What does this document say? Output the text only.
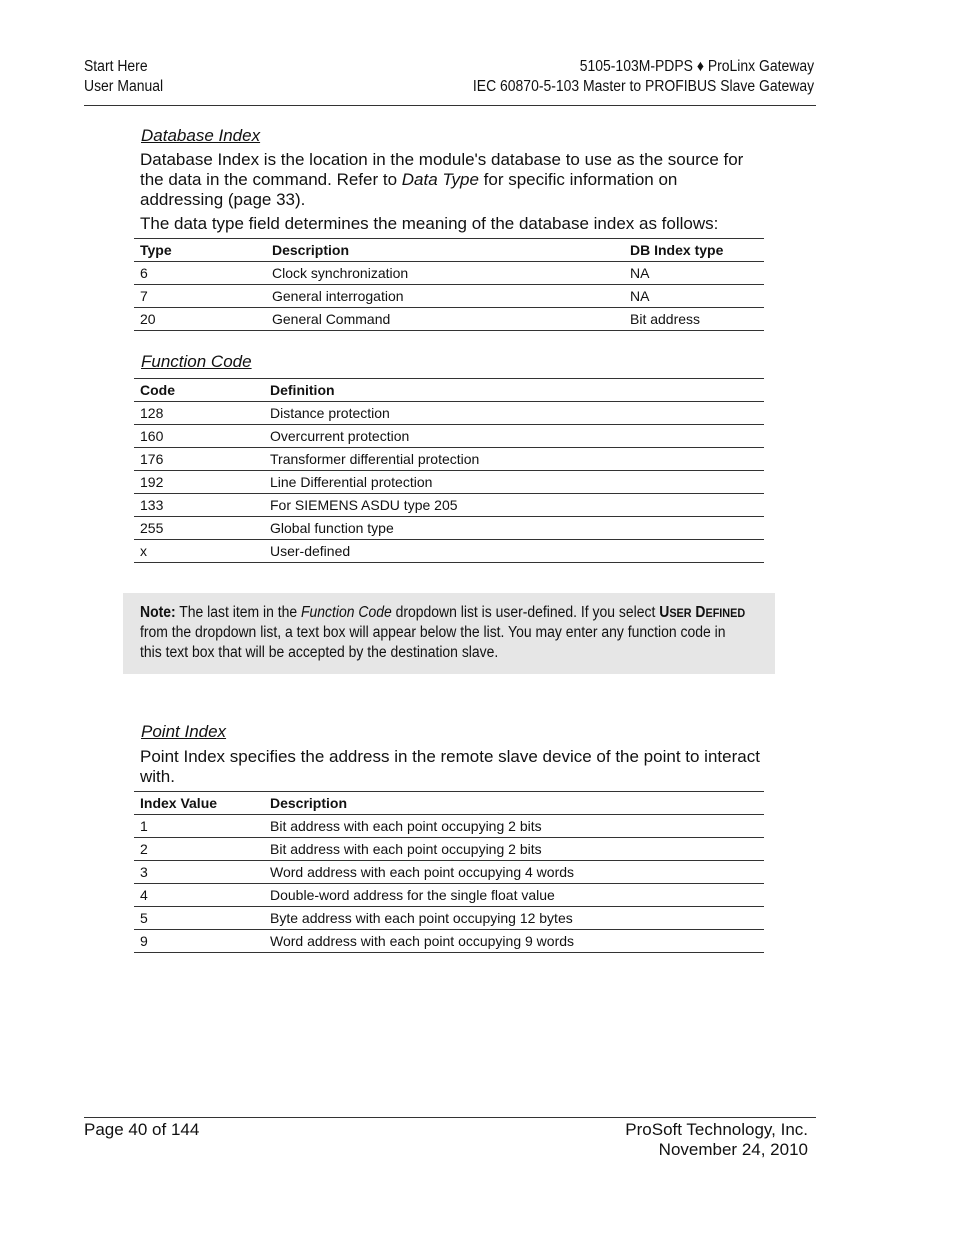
Start Here
User Manual
5105-103M-PDPS ♦ ProLinx Gateway
IEC 60870-5-103 Master to PROFIBUS Slave Gateway
Database Index

Database Index is the location in the module's database to use as the source for the data in the command. Refer to Data Type for specific information on addressing (page 33).

The data type field determines the meaning of the database index as follows:

Type	Description	DB Index type
6	Clock synchronization	NA
7	General interrogation	NA
20	General Command	Bit address
Function Code
Code	Definition
128	Distance protection
160	Overcurrent protection
176	Transformer differential protection
192	Line Differential protection
133	For SIEMENS ASDU type 205
255	Global function type
x	User-defined
Note: The last item in the Function Code dropdown list is user-defined. If you select USER DEFINED
from the dropdown list, a text box will appear below the list. You may enter any function code in
this text box that will be accepted by the destination slave.
Point Index

Point Index specifies the address in the remote slave device of the point to interact with.

Index Value	Description
1	Bit address with each point occupying 2 bits
2	Bit address with each point occupying 2 bits
3	Word address with each point occupying 4 words
4	Double-word address for the single float value
5	Byte address with each point occupying 12 bytes
9	Word address with each point occupying 9 words
Page 40 of 144	ProSoft Technology, Inc.
November 24, 2010
